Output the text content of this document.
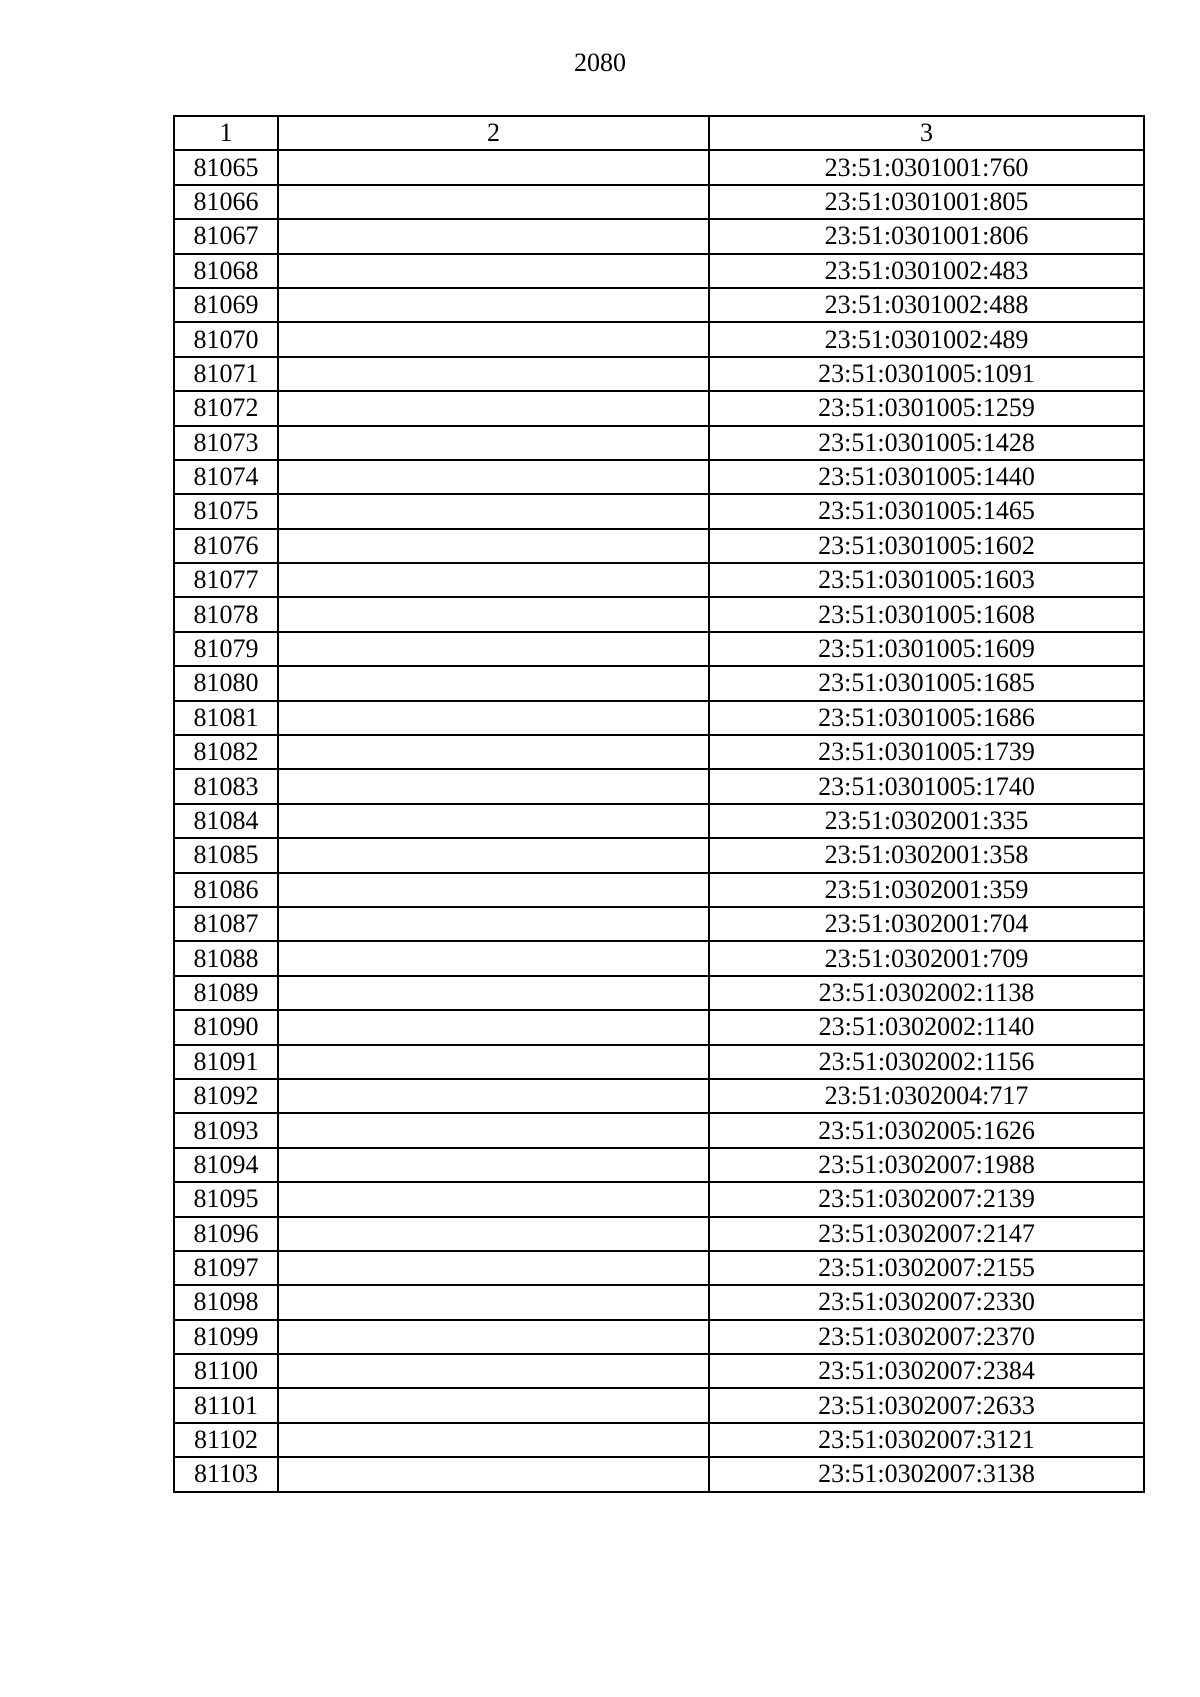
2080
1	2	3
81065		23:51:0301001:760
81066		23:51:0301001:805
81067		23:51:0301001:806
81068		23:51:0301002:483
81069		23:51:0301002:488
81070		23:51:0301002:489
81071		23:51:0301005:1091
81072		23:51:0301005:1259
81073		23:51:0301005:1428
81074		23:51:0301005:1440
81075		23:51:0301005:1465
81076		23:51:0301005:1602
81077		23:51:0301005:1603
81078		23:51:0301005:1608
81079		23:51:0301005:1609
81080		23:51:0301005:1685
81081		23:51:0301005:1686
81082		23:51:0301005:1739
81083		23:51:0301005:1740
81084		23:51:0302001:335
81085		23:51:0302001:358
81086		23:51:0302001:359
81087		23:51:0302001:704
81088		23:51:0302001:709
81089		23:51:0302002:1138
81090		23:51:0302002:1140
81091		23:51:0302002:1156
81092		23:51:0302004:717
81093		23:51:0302005:1626
81094		23:51:0302007:1988
81095		23:51:0302007:2139
81096		23:51:0302007:2147
81097		23:51:0302007:2155
81098		23:51:0302007:2330
81099		23:51:0302007:2370
81100		23:51:0302007:2384
81101		23:51:0302007:2633
81102		23:51:0302007:3121
81103		23:51:0302007:3138
